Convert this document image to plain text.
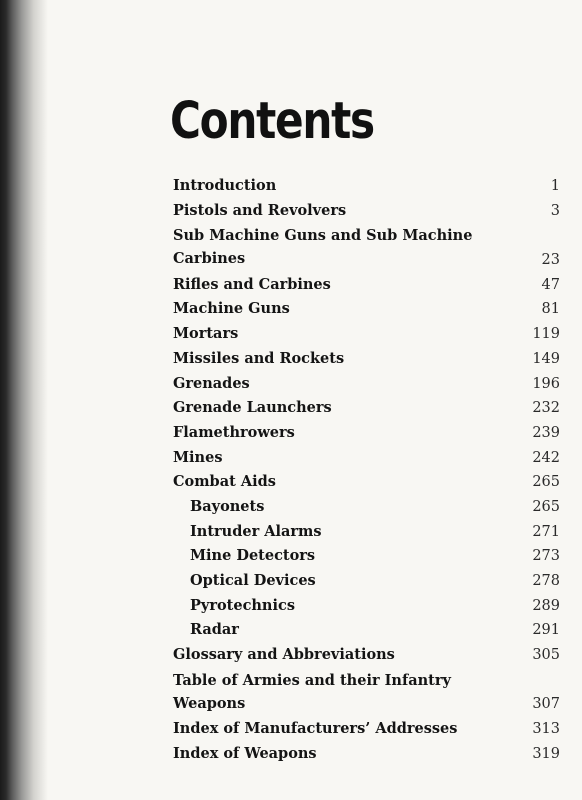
Contents
Introduction	1
Pistols and Revolvers	3
Sub Machine Guns and Sub Machine Carbines	23
Rifles and Carbines	47
Machine Guns	81
Mortars	119
Missiles and Rockets	149
Grenades	196
Grenade Launchers	232
Flamethrowers	239
Mines	242
Combat Aids	265
Bayonets	265
Intruder Alarms	271
Mine Detectors	273
Optical Devices	278
Pyrotechnics	289
Radar	291
Glossary and Abbreviations	305
Table of Armies and their Infantry Weapons	307
Index of Manufacturers’ Addresses	313
Index of Weapons	319
